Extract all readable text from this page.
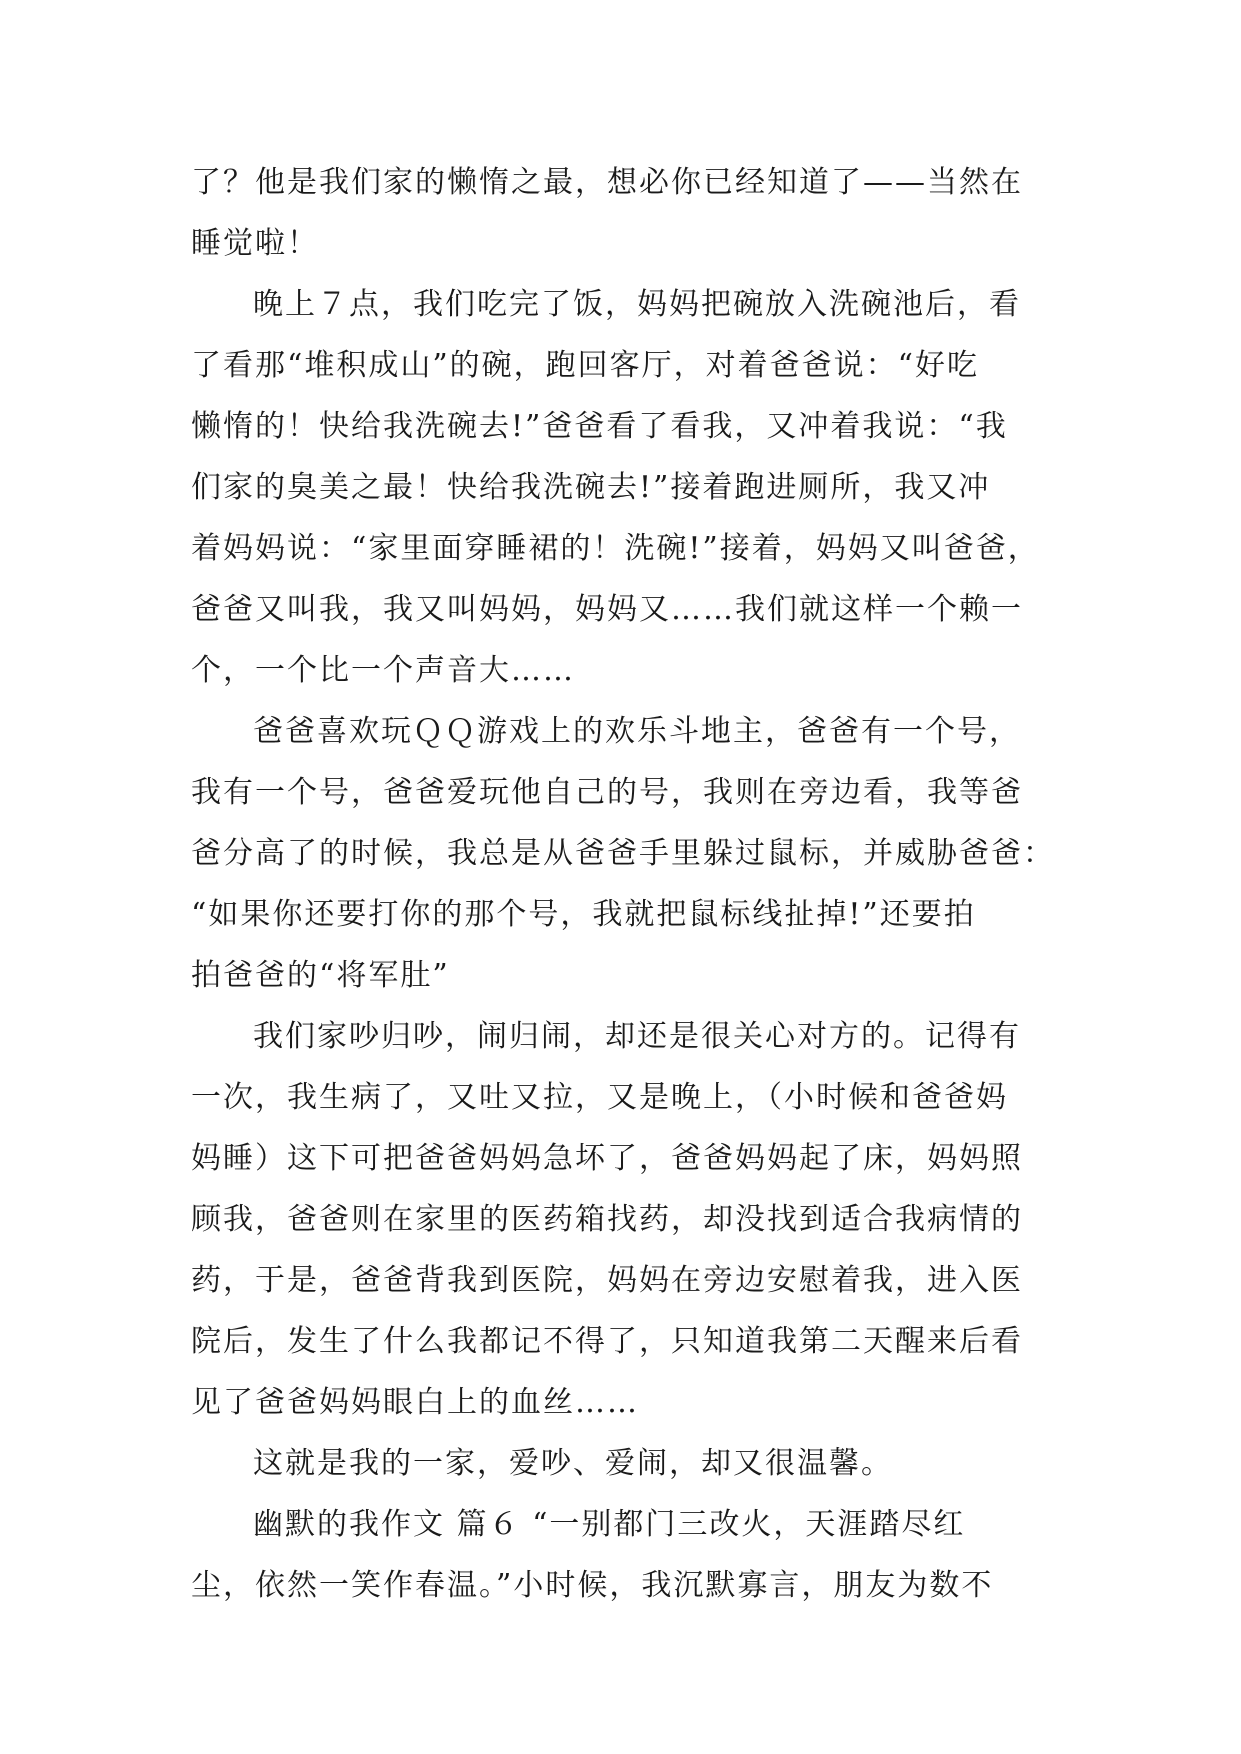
了？他是我们家的懒惰之最，想必你已经知道了——当然在
睡觉啦！
晚上７点，我们吃完了饭，妈妈把碗放入洗碗池后，看
了看那“堆积成山”的碗，跑回客厅，对着爸爸说：“好吃
懒惰的！快给我洗碗去!”爸爸看了看我，又冲着我说：“我
们家的臭美之最！快给我洗碗去!”接着跑进厕所，我又冲
着妈妈说：“家里面穿睡裙的！洗碗!”接着，妈妈又叫爸爸，
爸爸又叫我，我又叫妈妈，妈妈又……我们就这样一个赖一
个，一个比一个声音大……
爸爸喜欢玩ＱＱ游戏上的欢乐斗地主，爸爸有一个号，
我有一个号，爸爸爱玩他自己的号，我则在旁边看，我等爸
爸分高了的时候，我总是从爸爸手里躲过鼠标，并威胁爸爸：
“如果你还要打你的那个号，我就把鼠标线扯掉!”还要拍
拍爸爸的“将军肚”
我们家吵归吵，闹归闹，却还是很关心对方的。记得有
一次，我生病了，又吐又拉，又是晚上，（小时候和爸爸妈
妈睡）这下可把爸爸妈妈急坏了，爸爸妈妈起了床，妈妈照
顾我，爸爸则在家里的医药箱找药，却没找到适合我病情的
药，于是，爸爸背我到医院，妈妈在旁边安慰着我，进入医
院后，发生了什么我都记不得了，只知道我第二天醒来后看
见了爸爸妈妈眼白上的血丝……
这就是我的一家，爱吵、爱闹，却又很温馨。
幽默的我作文 篇６ “一别都门三改火，天涯踏尽红
尘，依然一笑作春温。”小时候，我沉默寡言，朋友为数不
